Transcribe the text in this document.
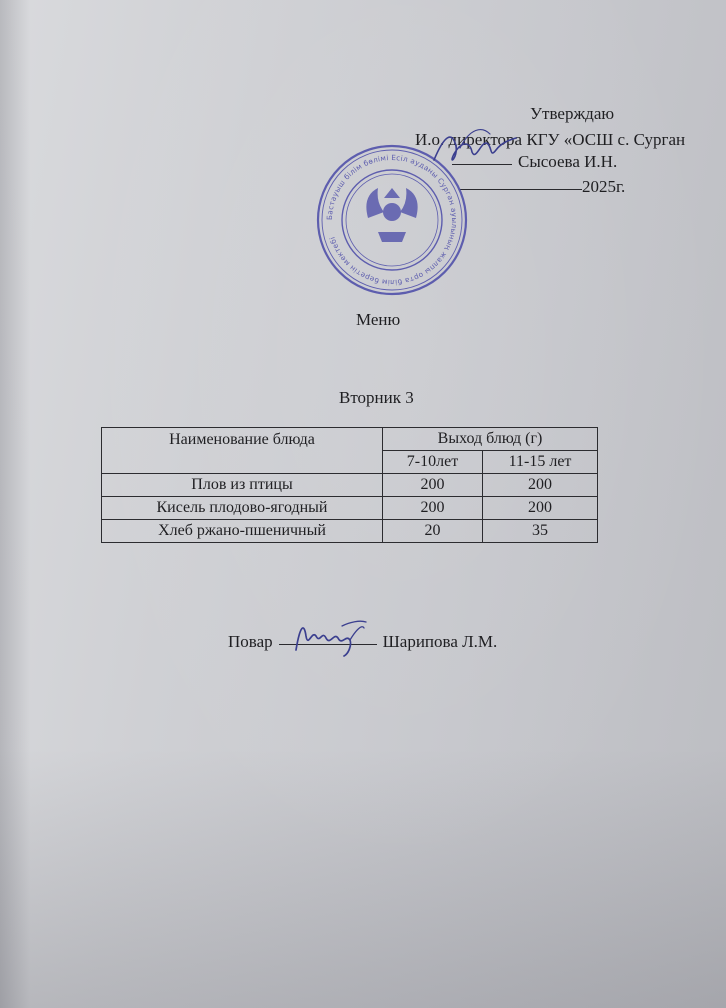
Утверждаю
И.о. директора КГУ «ОСШ с. Сурган
Сысоева И.Н.
2025г.
Бастауыш білім бөлімі Есіл ауданы Сурган ауылының жалпы орта білім беретін мектебі
Меню
Вторник 3
Наименование блюда	Выход блюд (г)	
	7-10лет	11-15 лет
Плов из птицы	200	200
Кисель плодово-ягодный	200	200
Хлеб ржано-пшеничный	20	35
Повар	Шарипова Л.М.
